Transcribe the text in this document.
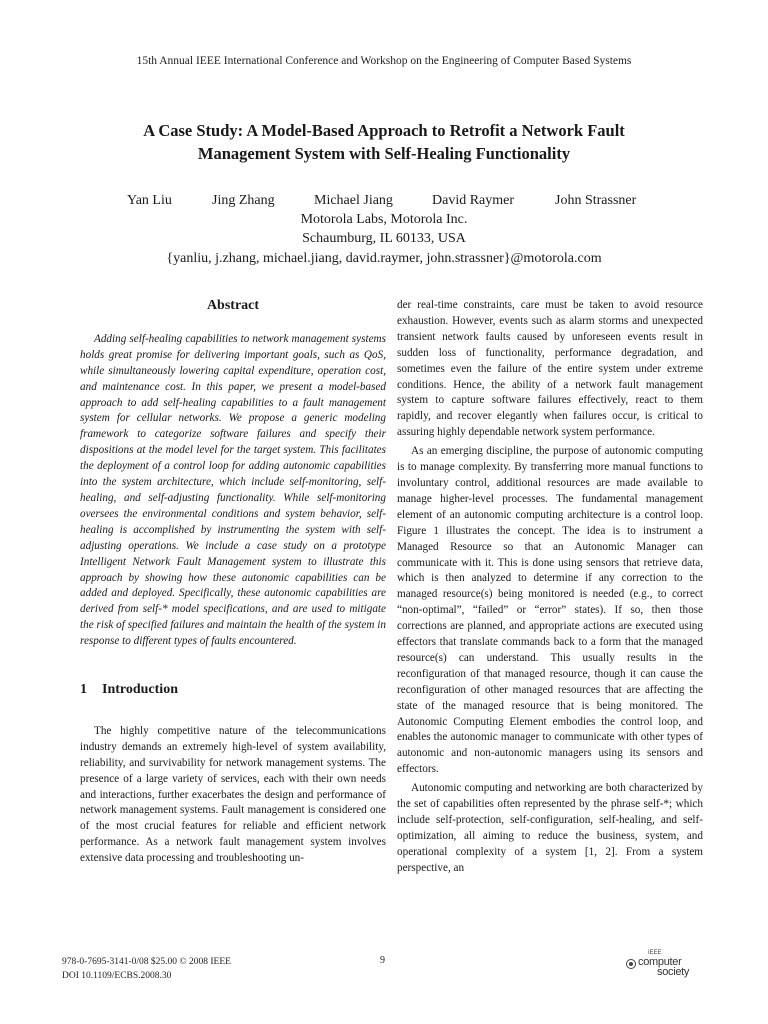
15th Annual IEEE International Conference and Workshop on the Engineering of Computer Based Systems
A Case Study: A Model-Based Approach to Retrofit a Network Fault
Management System with Self-Healing Functionality
Yan Liu	Jing Zhang	Michael Jiang	David Raymer	John Strassner
Motorola Labs, Motorola Inc.
Schaumburg, IL 60133, USA
{yanliu, j.zhang, michael.jiang, david.raymer, john.strassner}@motorola.com
Abstract

Adding self-healing capabilities to network management systems holds great promise for delivering important goals, such as QoS, while simultaneously lowering capital expenditure, operation cost, and maintenance cost. In this paper, we present a model-based approach to add self-healing capabilities to a fault management system for cellular networks. We propose a generic modeling framework to categorize software failures and specify their dispositions at the model level for the target system. This facilitates the deployment of a control loop for adding autonomic capabilities into the system architecture, which include self-monitoring, self-healing, and self-adjusting functionality. While self-monitoring oversees the environmental conditions and system behavior, self-healing is accomplished by instrumenting the system with self-adjusting operations. We include a case study on a prototype Intelligent Network Fault Management system to illustrate this approach by showing how these autonomic capabilities can be added and deployed. Specifically, these autonomic capabilities are derived from self-* model specifications, and are used to mitigate the risk of specified failures and maintain the health of the system in response to different types of faults encountered.

1 Introduction

The highly competitive nature of the telecommunications industry demands an extremely high-level of system availability, reliability, and survivability for network management systems. The presence of a large variety of services, each with their own needs and interactions, further exacerbates the design and performance of network management systems. Fault management is considered one of the most crucial features for reliable and efficient network performance. As a network fault management system involves extensive data processing and troubleshooting un-

der real-time constraints, care must be taken to avoid resource exhaustion. However, events such as alarm storms and unexpected transient network faults caused by unforeseen events result in sudden loss of functionality, performance degradation, and sometimes even the failure of the entire system under extreme conditions. Hence, the ability of a network fault management system to capture software failures effectively, react to them rapidly, and recover elegantly when failures occur, is critical to assuring highly dependable network system performance.

As an emerging discipline, the purpose of autonomic computing is to manage complexity. By transferring more manual functions to involuntary control, additional resources are made available to manage higher-level processes. The fundamental management element of an autonomic computing architecture is a control loop. Figure 1 illustrates the concept. The idea is to instrument a Managed Resource so that an Autonomic Manager can communicate with it. This is done using sensors that retrieve data, which is then analyzed to determine if any correction to the managed resource(s) being monitored is needed (e.g., to correct “non-optimal”, “failed” or “error” states). If so, then those corrections are planned, and appropriate actions are executed using effectors that translate commands back to a form that the managed resource(s) can understand. This usually results in the reconfiguration of that managed resource, though it can cause the reconfiguration of other managed resources that are affecting the state of the managed resource that is being monitored. The Autonomic Computing Element embodies the control loop, and enables the autonomic manager to communicate with other types of autonomic and non-autonomic managers using its sensors and effectors.

Autonomic computing and networking are both characterized by the set of capabilities often represented by the phrase self-*; which include self-protection, self-configuration, self-healing, and self-optimization, all aiming to reduce the business, system, and operational complexity of a system [1, 2]. From a system perspective, an

978-0-7695-3141-0/08 $25.00 © 2008 IEEE
DOI 10.1109/ECBS.2008.30
9
IEEE
computer
society
